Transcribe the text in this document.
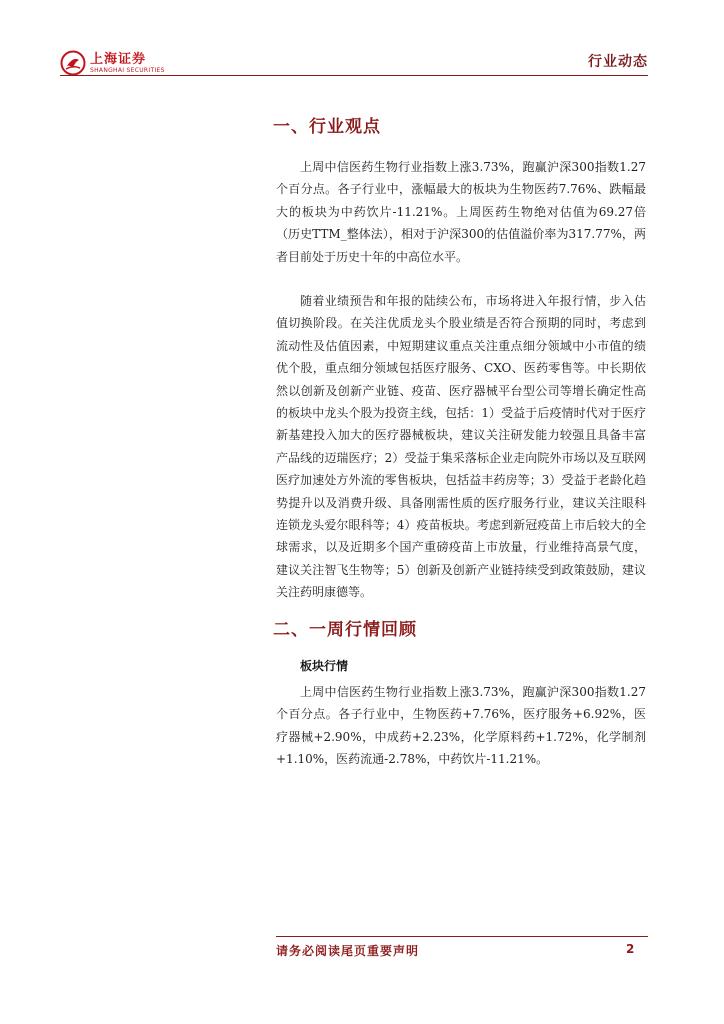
上海证券
SHANGHAI SECURITIES
行业动态
一、行业观点

上周中信医药生物行业指数上涨3.73%，跑赢沪深300指数1.27个百分点。各子行业中，涨幅最大的板块为生物医药7.76%、跌幅最大的板块为中药饮片-11.21%。上周医药生物绝对估值为69.27倍（历史TTM_整体法），相对于沪深300的估值溢价率为317.77%，两者目前处于历史十年的中高位水平。

随着业绩预告和年报的陆续公布，市场将进入年报行情，步入估值切换阶段。在关注优质龙头个股业绩是否符合预期的同时，考虑到流动性及估值因素，中短期建议重点关注重点细分领域中小市值的绩优个股，重点细分领域包括医疗服务、CXO、医药零售等。中长期依然以创新及创新产业链、疫苗、医疗器械平台型公司等增长确定性高的板块中龙头个股为投资主线，包括：1）受益于后疫情时代对于医疗新基建投入加大的医疗器械板块，建议关注研发能力较强且具备丰富产品线的迈瑞医疗；2）受益于集采落标企业走向院外市场以及互联网医疗加速处方外流的零售板块，包括益丰药房等；3）受益于老龄化趋势提升以及消费升级、具备刚需性质的医疗服务行业，建议关注眼科连锁龙头爱尔眼科等；4）疫苗板块。考虑到新冠疫苗上市后较大的全球需求，以及近期多个国产重磅疫苗上市放量，行业维持高景气度，建议关注智飞生物等；5）创新及创新产业链持续受到政策鼓励，建议关注药明康德等。

二、一周行情回顾
板块行情

上周中信医药生物行业指数上涨3.73%，跑赢沪深300指数1.27个百分点。各子行业中，生物医药+7.76%，医疗服务+6.92%，医疗器械+2.90%，中成药+2.23%，化学原料药+1.72%，化学制剂+1.10%，医药流通-2.78%，中药饮片-11.21%。

请务必阅读尾页重要声明	2
